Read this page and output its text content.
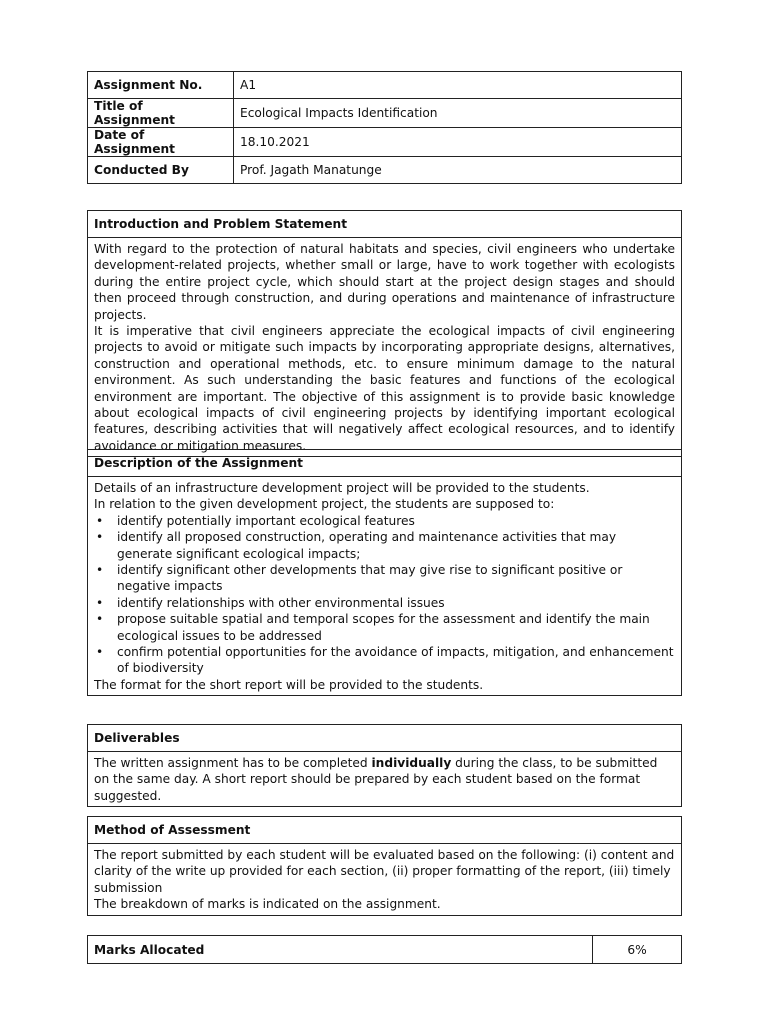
Assignment No.	A1
Title of Assignment	Ecological Impacts Identification
Date of Assignment	18.10.2021
Conducted By	Prof. Jagath Manatunge
Introduction and Problem Statement

With regard to the protection of natural habitats and species, civil engineers who undertake development-related projects, whether small or large, have to work together with ecologists during the entire project cycle, which should start at the project design stages and should then proceed through construction, and during operations and maintenance of infrastructure projects.

It is imperative that civil engineers appreciate the ecological impacts of civil engineering projects to avoid or mitigate such impacts by incorporating appropriate designs, alternatives, construction and operational methods, etc. to ensure minimum damage to the natural environment. As such understanding the basic features and functions of the ecological environment are important. The objective of this assignment is to provide basic knowledge about ecological impacts of civil engineering projects by identifying important ecological features, describing activities that will negatively affect ecological resources, and to identify avoidance or mitigation measures.

Description of the Assignment

Details of an infrastructure development project will be provided to the students.

In relation to the given development project, the students are supposed to:

• identify potentially important ecological features
• identify all proposed construction, operating and maintenance activities that may generate significant ecological impacts;
• identify significant other developments that may give rise to significant positive or negative impacts
• identify relationships with other environmental issues
• propose suitable spatial and temporal scopes for the assessment and identify the main ecological issues to be addressed
• confirm potential opportunities for the avoidance of impacts, mitigation, and enhancement of biodiversity

The format for the short report will be provided to the students.

Deliverables
The written assignment has to be completed individually during the class, to be submitted on the same day. A short report should be prepared by each student based on the format suggested.
Method of Assessment

The report submitted by each student will be evaluated based on the following: (i) content and clarity of the write up provided for each section, (ii) proper formatting of the report, (iii) timely submission

The breakdown of marks is indicated on the assignment.

Marks Allocated	6%
